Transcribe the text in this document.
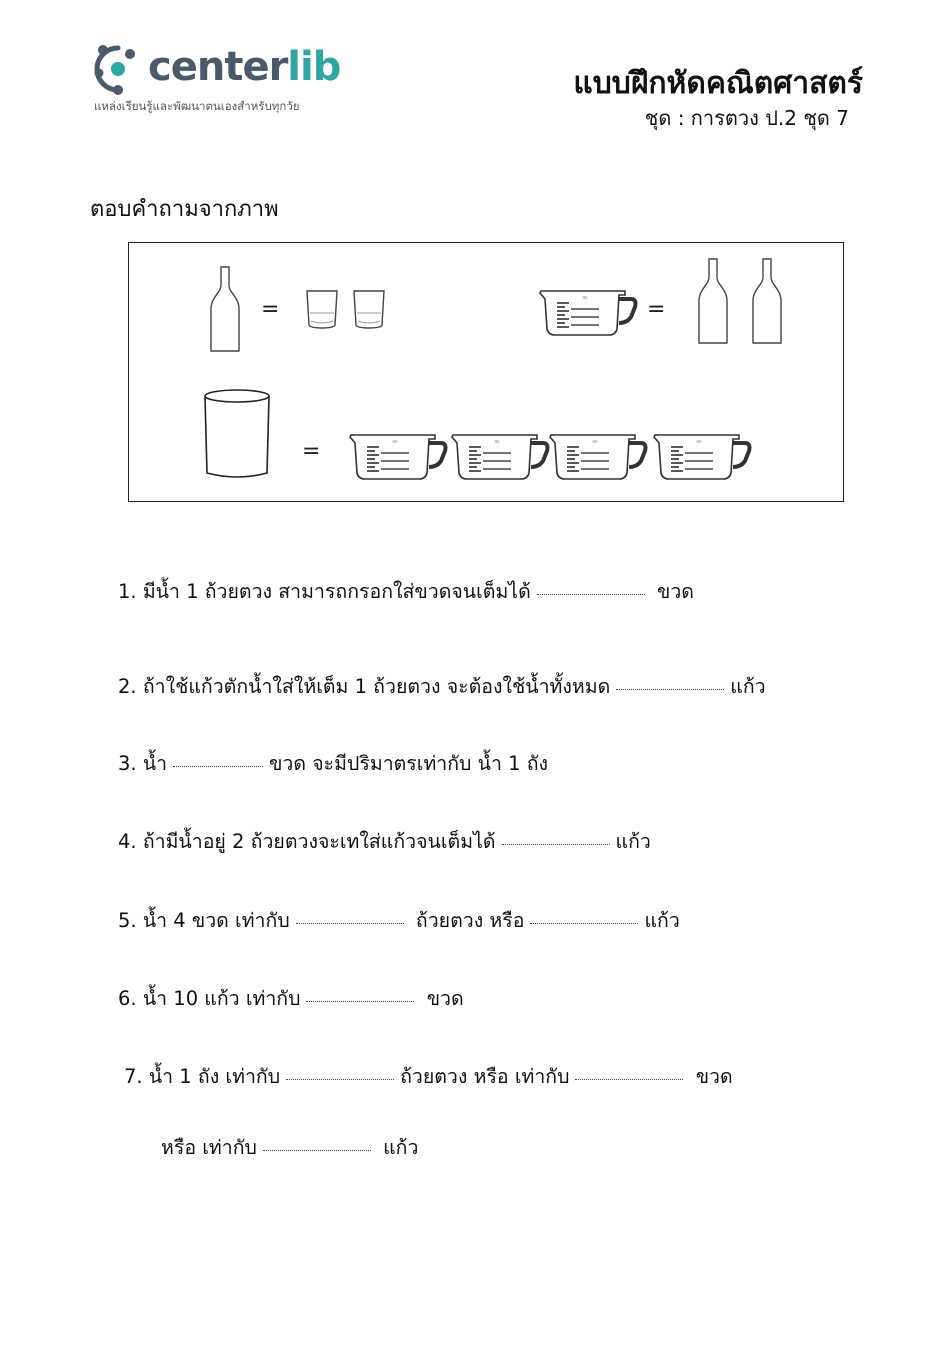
centerlib
แหล่งเรียนรู้และพัฒนาตนเองสำหรับทุกวัย
แบบฝึกหัดคณิตศาสตร์
ชุด : การตวง ป.2 ชุด 7
ตอบคำถามจากภาพ
ml
=	=
=
1. มีน้ำ 1 ถ้วยตวง สามารถกรอกใส่ขวดจนเต็มได้	ขวด
2. ถ้าใช้แก้วตักน้ำใส่ให้เต็ม 1 ถ้วยตวง จะต้องใช้น้ำทั้งหมด	แก้ว
3. น้ำ	ขวด จะมีปริมาตรเท่ากับ น้ำ 1 ถัง
4. ถ้ามีน้ำอยู่ 2 ถ้วยตวงจะเทใส่แก้วจนเต็มได้	แก้ว
5. น้ำ 4 ขวด เท่ากับ	ถ้วยตวง หรือ	แก้ว
6. น้ำ 10 แก้ว เท่ากับ	ขวด
7. น้ำ 1 ถัง เท่ากับ	ถ้วยตวง หรือ เท่ากับ	ขวด
หรือ เท่ากับ	แก้ว
